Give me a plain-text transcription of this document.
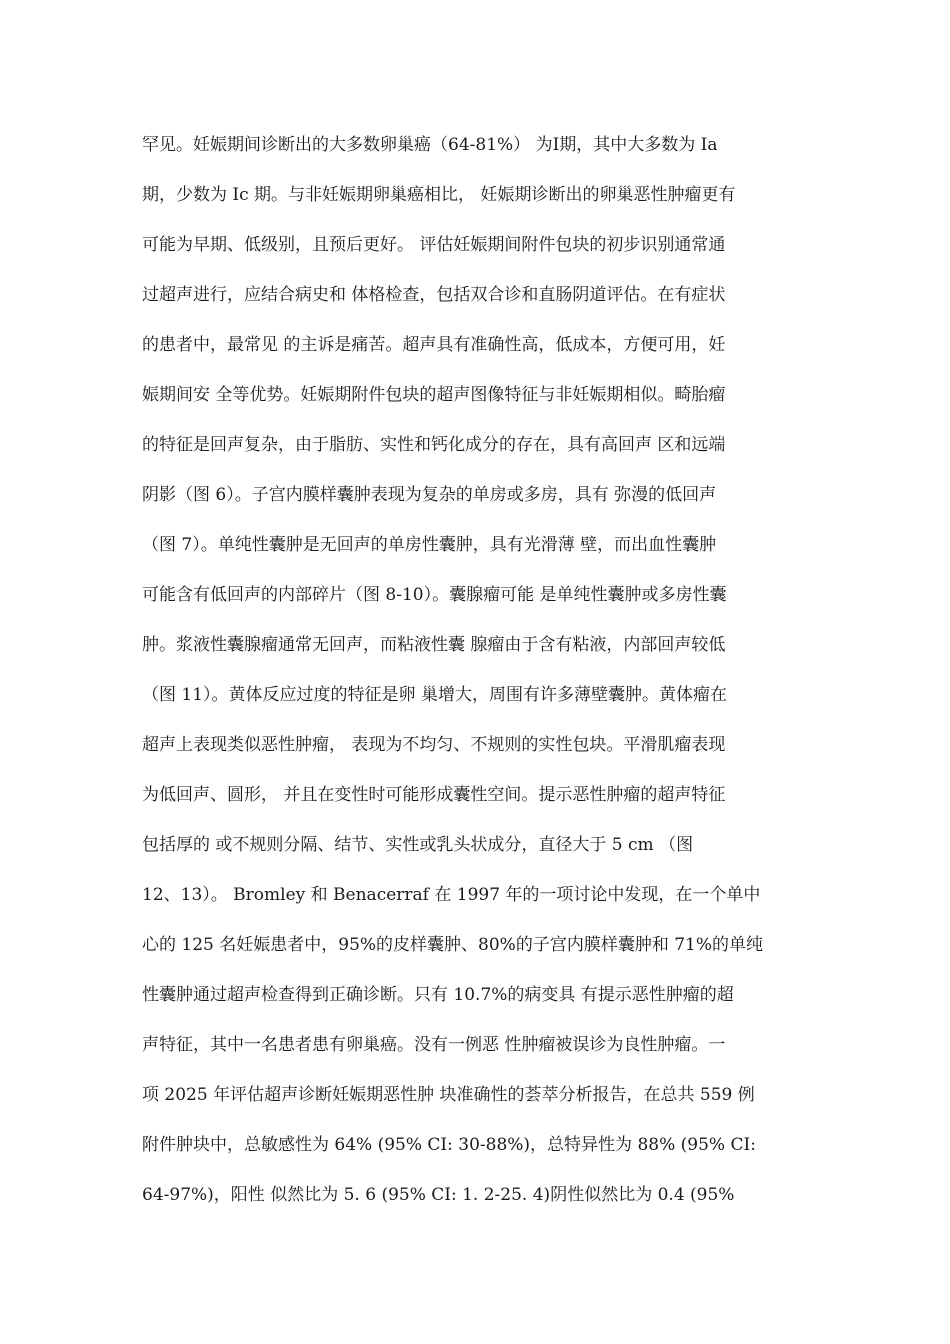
罕见。妊娠期间诊断出的大多数卵巢癌（64-81%） 为Ⅰ期，其中大多数为 Ia
期，少数为 Ic 期。与非妊娠期卵巢癌相比， 妊娠期诊断出的卵巢恶性肿瘤更有
可能为早期、低级别，且预后更好。 评估妊娠期间附件包块的初步识别通常通
过超声进行，应结合病史和 体格检查，包括双合诊和直肠阴道评估。在有症状
的患者中，最常见 的主诉是痛苦。超声具有准确性高，低成本，方便可用，妊
娠期间安 全等优势。妊娠期附件包块的超声图像特征与非妊娠期相似。畸胎瘤
的特征是回声复杂，由于脂肪、实性和钙化成分的存在，具有高回声 区和远端
阴影（图 6）。子宫内膜样囊肿表现为复杂的单房或多房，具有 弥漫的低回声
（图 7）。单纯性囊肿是无回声的单房性囊肿，具有光滑薄 壁，而出血性囊肿
可能含有低回声的内部碎片（图 8-10）。囊腺瘤可能 是单纯性囊肿或多房性囊
肿。浆液性囊腺瘤通常无回声，而粘液性囊 腺瘤由于含有粘液，内部回声较低
（图 11）。黄体反应过度的特征是卵 巢增大，周围有许多薄壁囊肿。黄体瘤在
超声上表现类似恶性肿瘤， 表现为不均匀、不规则的实性包块。平滑肌瘤表现
为低回声、圆形， 并且在变性时可能形成囊性空间。提示恶性肿瘤的超声特征
包括厚的 或不规则分隔、结节、实性或乳头状成分，直径大于 5 cm （图
12、13）。 Bromley 和 Benacerraf 在 1997 年的一项讨论中发现，在一个单中
心的 125 名妊娠患者中，95%的皮样囊肿、80%的子宫内膜样囊肿和 71%的单纯
性囊肿通过超声检查得到正确诊断。只有 10.7%的病变具 有提示恶性肿瘤的超
声特征，其中一名患者患有卵巢癌。没有一例恶 性肿瘤被误诊为良性肿瘤。一
项 2025 年评估超声诊断妊娠期恶性肿 块准确性的荟萃分析报告，在总共 559 例
附件肿块中，总敏感性为 64% (95% CI: 30-88%)，总特异性为 88% (95% CI:
64-97%)，阳性 似然比为 5. 6 (95% CI: 1. 2-25. 4)阴性似然比为 0.4 (95%
